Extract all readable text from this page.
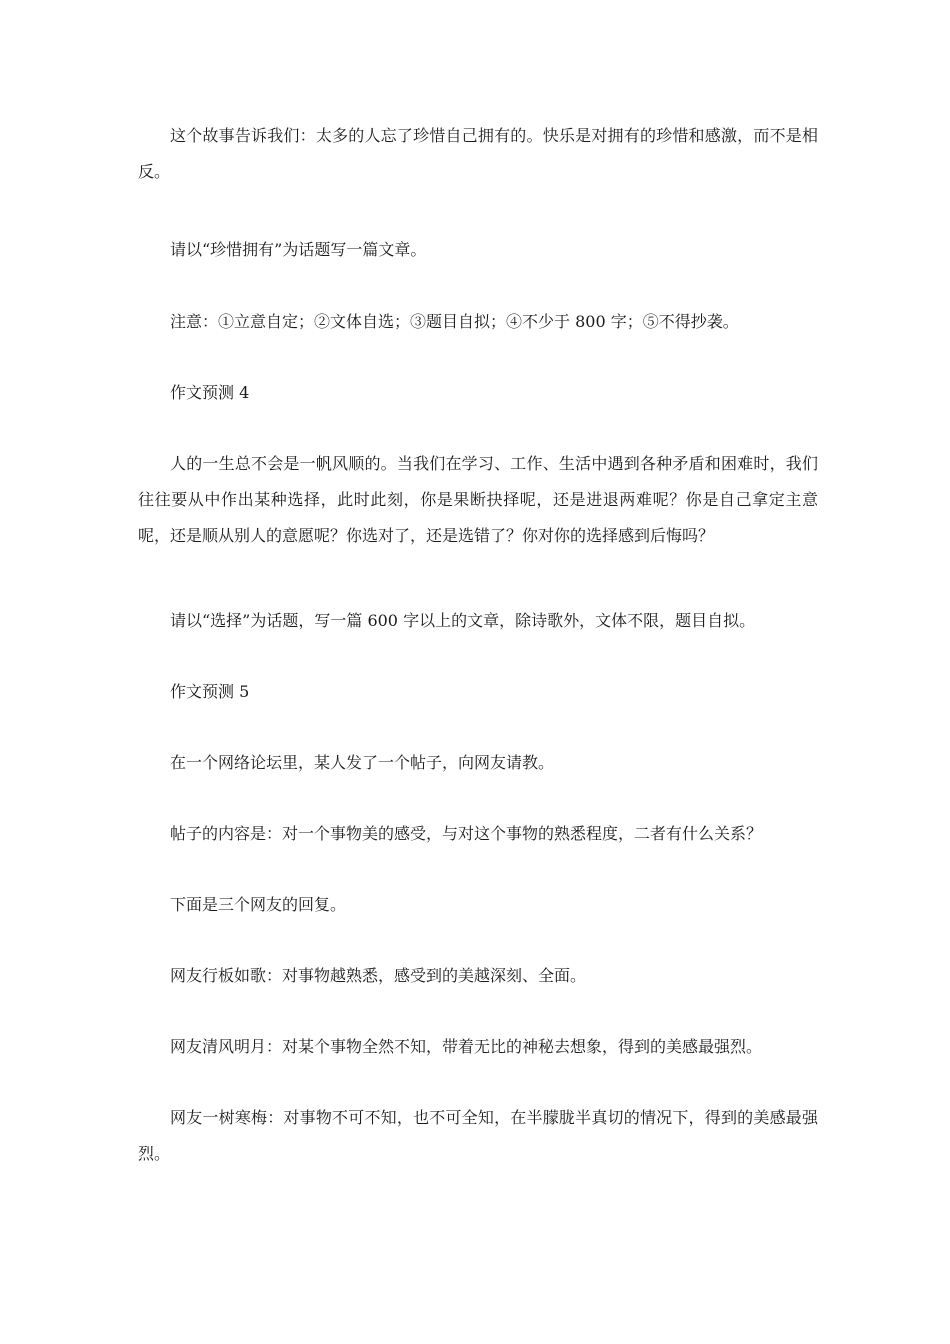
这个故事告诉我们：太多的人忘了珍惜自己拥有的。快乐是对拥有的珍惜和感激，而不是相反。

请以“珍惜拥有”为话题写一篇文章。

注意：①立意自定；②文体自选；③题目自拟；④不少于 800 字；⑤不得抄袭。

作文预测 4

人的一生总不会是一帆风顺的。当我们在学习、工作、生活中遇到各种矛盾和困难时，我们往往要从中作出某种选择，此时此刻，你是果断抉择呢，还是进退两难呢？你是自己拿定主意呢，还是顺从别人的意愿呢？你选对了，还是选错了？你对你的选择感到后悔吗？

请以“选择”为话题，写一篇 600 字以上的文章，除诗歌外，文体不限，题目自拟。

作文预测 5

在一个网络论坛里，某人发了一个帖子，向网友请教。

帖子的内容是：对一个事物美的感受，与对这个事物的熟悉程度，二者有什么关系？

下面是三个网友的回复。

网友行板如歌：对事物越熟悉，感受到的美越深刻、全面。

网友清风明月：对某个事物全然不知，带着无比的神秘去想象，得到的美感最强烈。

网友一树寒梅：对事物不可不知，也不可全知，在半朦胧半真切的情况下，得到的美感最强烈。
